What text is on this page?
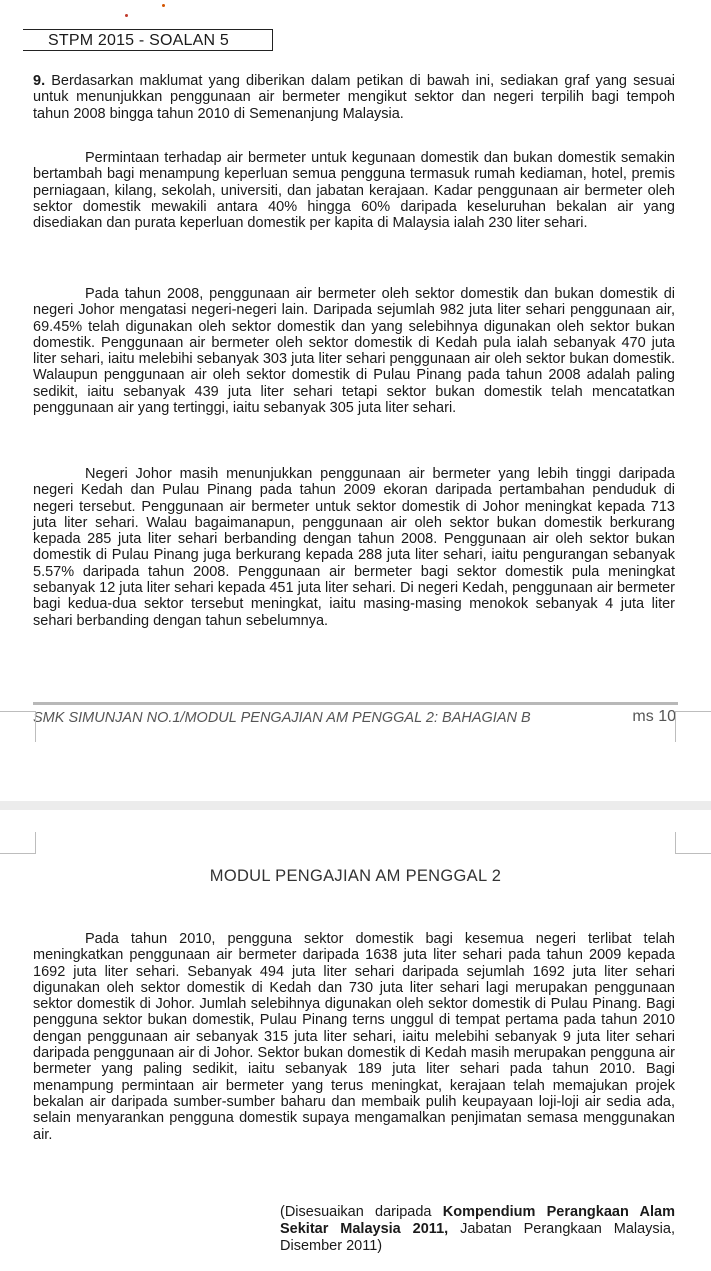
STPM 2015 - SOALAN 5

9. Berdasarkan maklumat yang diberikan dalam petikan di bawah ini, sediakan graf yang sesuai untuk menunjukkan penggunaan air bermeter mengikut sektor dan negeri terpilih bagi tempoh tahun 2008 bingga tahun 2010 di Semenanjung Malaysia.

Permintaan terhadap air bermeter untuk kegunaan domestik dan bukan domestik semakin bertambah bagi menampung keperluan semua pengguna termasuk rumah kediaman, hotel, premis perniagaan, kilang, sekolah, universiti, dan jabatan kerajaan. Kadar penggunaan air bermeter oleh sektor domestik mewakili antara 40% hingga 60% daripada keseluruhan bekalan air yang disediakan dan purata keperluan domestik per kapita di Malaysia ialah 230 liter sehari.

Pada tahun 2008, penggunaan air bermeter oleh sektor domestik dan bukan domestik di negeri Johor mengatasi negeri-negeri lain. Daripada sejumlah 982 juta liter sehari penggunaan air, 69.45% telah digunakan oleh sektor domestik dan yang selebihnya digunakan oleh sektor bukan domestik. Penggunaan air bermeter oleh sektor domestik di Kedah pula ialah sebanyak 470 juta liter sehari, iaitu melebihi sebanyak 303 juta liter sehari penggunaan air oleh sektor bukan domestik. Walaupun penggunaan air oleh sektor domestik di Pulau Pinang pada tahun 2008 adalah paling sedikit, iaitu sebanyak 439 juta liter sehari tetapi sektor bukan domestik telah mencatatkan penggunaan air yang tertinggi, iaitu sebanyak 305 juta liter sehari.

Negeri Johor masih menunjukkan penggunaan air bermeter yang lebih tinggi daripada negeri Kedah dan Pulau Pinang pada tahun 2009 ekoran daripada pertambahan penduduk di negeri tersebut. Penggunaan air bermeter untuk sektor domestik di Johor meningkat kepada 713 juta liter sehari. Walau bagaimanapun, penggunaan air oleh sektor bukan domestik berkurang kepada 285 juta liter sehari berbanding dengan tahun 2008. Penggunaan air oleh sektor bukan domestik di Pulau Pinang juga berkurang kepada 288 juta liter sehari, iaitu pengurangan sebanyak 5.57% daripada tahun 2008. Penggunaan air bermeter bagi sektor domestik pula meningkat sebanyak 12 juta liter sehari kepada 451 juta liter sehari. Di negeri Kedah, penggunaan air bermeter bagi kedua-dua sektor tersebut meningkat, iaitu masing-masing menokok sebanyak 4 juta liter sehari berbanding dengan tahun sebelumnya.

SMK SIMUNJAN NO.1/MODUL PENGAJIAN AM PENGGAL 2: BAHAGIAN B	ms 10
MODUL PENGAJIAN AM PENGGAL 2

Pada tahun 2010, pengguna sektor domestik bagi kesemua negeri terlibat telah meningkatkan penggunaan air bermeter daripada 1638 juta liter sehari pada tahun 2009 kepada 1692 juta liter sehari. Sebanyak 494 juta liter sehari daripada sejumlah 1692 juta liter sehari digunakan oleh sektor domestik di Kedah dan 730 juta liter sehari lagi merupakan penggunaan sektor domestik di Johor. Jumlah selebihnya digunakan oleh sektor domestik di Pulau Pinang. Bagi pengguna sektor bukan domestik, Pulau Pinang terns unggul di tempat pertama pada tahun 2010 dengan penggunaan air sebanyak 315 juta liter sehari, iaitu melebihi sebanyak 9 juta liter sehari daripada penggunaan air di Johor. Sektor bukan domestik di Kedah masih merupakan pengguna air bermeter yang paling sedikit, iaitu sebanyak 189 juta liter sehari pada tahun 2010. Bagi menampung permintaan air bermeter yang terus meningkat, kerajaan telah memajukan projek bekalan air daripada sumber-sumber baharu dan membaik pulih keupayaan loji-loji air sedia ada, selain menyarankan pengguna domestik supaya mengamalkan penjimatan semasa menggunakan air.

(Disesuaikan daripada Kompendium Perangkaan Alam Sekitar Malaysia 2011, Jabatan Perangkaan Malaysia, Disember 2011)
